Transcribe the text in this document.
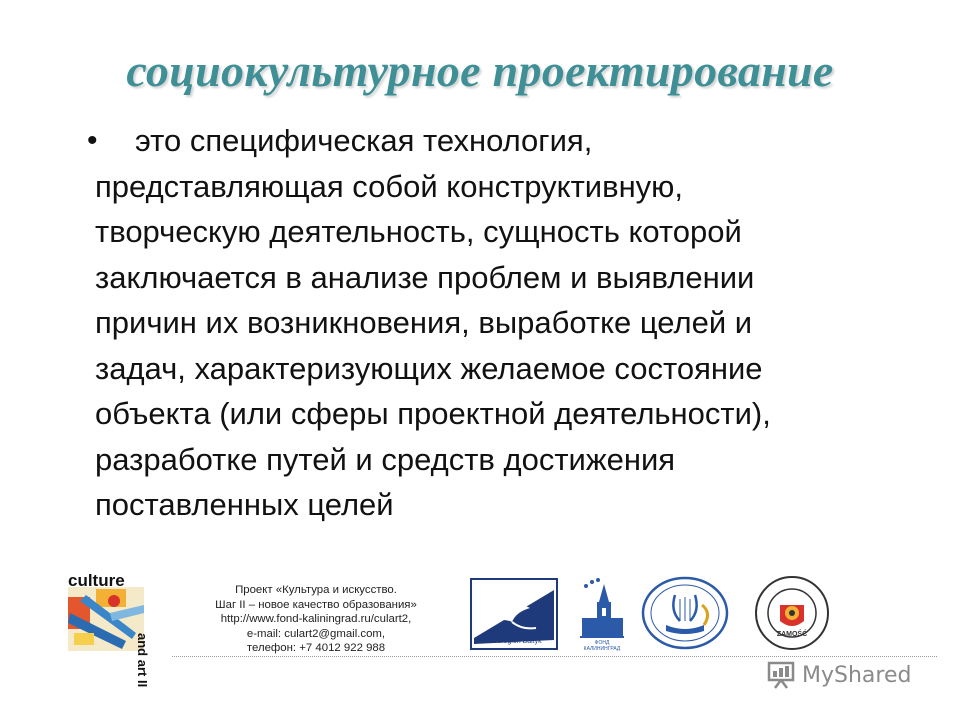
социокультурное проектирование
•	это специфическая технология,
представляющая собой конструктивную,
творческую деятельность, сущность которой
заключается в анализе проблем и выявлении
причин их возникновения, выработке целей и
задач, характеризующих желаемое состояние
объекта (или сферы проектной деятельности),
разработке путей и средств достижения
поставленных целей
culture
and art II
Проект «Культура и искусство.
Шаг II – новое качество образования»
http://www.fond-kaliningrad.ru/culart2,
e-mail: culart2@gmail.com,
телефон: +7 4012 922 988
Euroregion Baltyk	ФОНД КАЛИНИНГРАД
ZAMOŚĆ
MyShared
